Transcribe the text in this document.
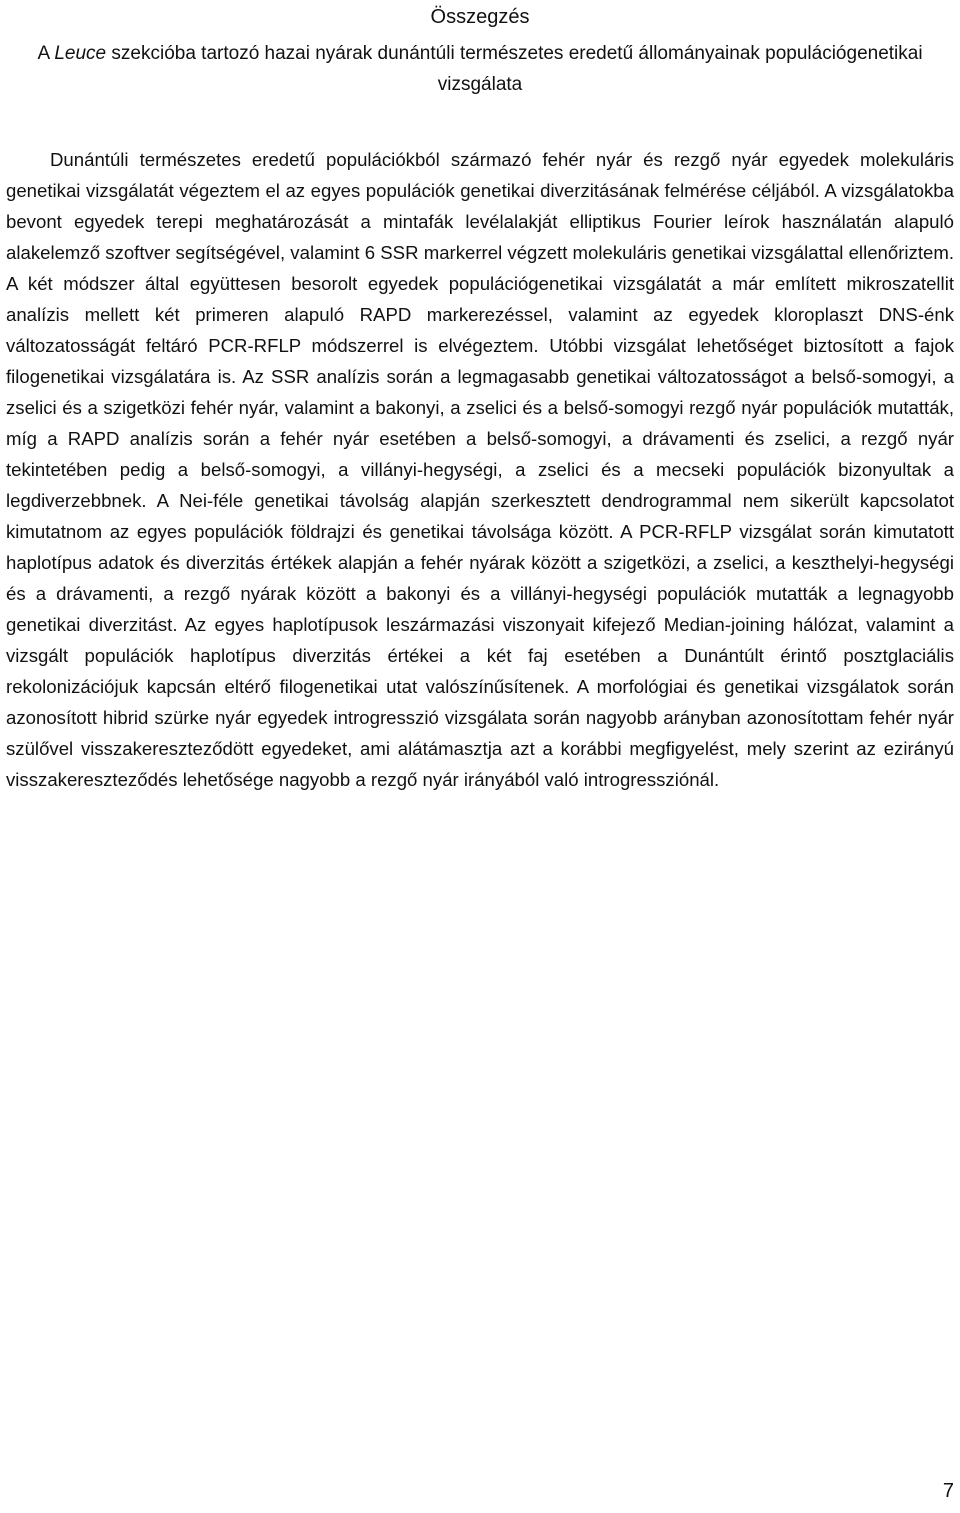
Összegzés
A Leuce szekcióba tartozó hazai nyárak dunántúli természetes eredetű állományainak populációgenetikai vizsgálata

Dunántúli természetes eredetű populációkból származó fehér nyár és rezgő nyár egyedek molekuláris genetikai vizsgálatát végeztem el az egyes populációk genetikai diverzitásának felmérése céljából. A vizsgálatokba bevont egyedek terepi meghatározását a mintafák levélalakját elliptikus Fourier leírok használatán alapuló alakelemző szoftver segítségével, valamint 6 SSR markerrel végzett molekuláris genetikai vizsgálattal ellenőriztem. A két módszer által együttesen besorolt egyedek populációgenetikai vizsgálatát a már említett mikroszatellit analízis mellett két primeren alapuló RAPD markerezéssel, valamint az egyedek kloroplaszt DNS-énk változatosságát feltáró PCR-RFLP módszerrel is elvégeztem. Utóbbi vizsgálat lehetőséget biztosított a fajok filogenetikai vizsgálatára is. Az SSR analízis során a legmagasabb genetikai változatosságot a belső-somogyi, a zselici és a szigetközi fehér nyár, valamint a bakonyi, a zselici és a belső-somogyi rezgő nyár populációk mutatták, míg a RAPD analízis során a fehér nyár esetében a belső-somogyi, a drávamenti és zselici, a rezgő nyár tekintetében pedig a belső-somogyi, a villányi-hegységi, a zselici és a mecseki populációk bizonyultak a legdiverzebbnek. A Nei-féle genetikai távolság alapján szerkesztett dendrogrammal nem sikerült kapcsolatot kimutatnom az egyes populációk földrajzi és genetikai távolsága között. A PCR-RFLP vizsgálat során kimutatott haplotípus adatok és diverzitás értékek alapján a fehér nyárak között a szigetközi, a zselici, a keszthelyi-hegységi és a drávamenti, a rezgő nyárak között a bakonyi és a villányi-hegységi populációk mutatták a legnagyobb genetikai diverzitást. Az egyes haplotípusok leszármazási viszonyait kifejező Median-joining hálózat, valamint a vizsgált populációk haplotípus diverzitás értékei a két faj esetében a Dunántúlt érintő posztglaciális rekolonizációjuk kapcsán eltérő filogenetikai utat valószínűsítenek. A morfológiai és genetikai vizsgálatok során azonosított hibrid szürke nyár egyedek introgresszió vizsgálata során nagyobb arányban azonosítottam fehér nyár szülővel visszakereszteződött egyedeket, ami alátámasztja azt a korábbi megfigyelést, mely szerint az ezirányú visszakereszteződés lehetősége nagyobb a rezgő nyár irányából való introgressziónál.

7
